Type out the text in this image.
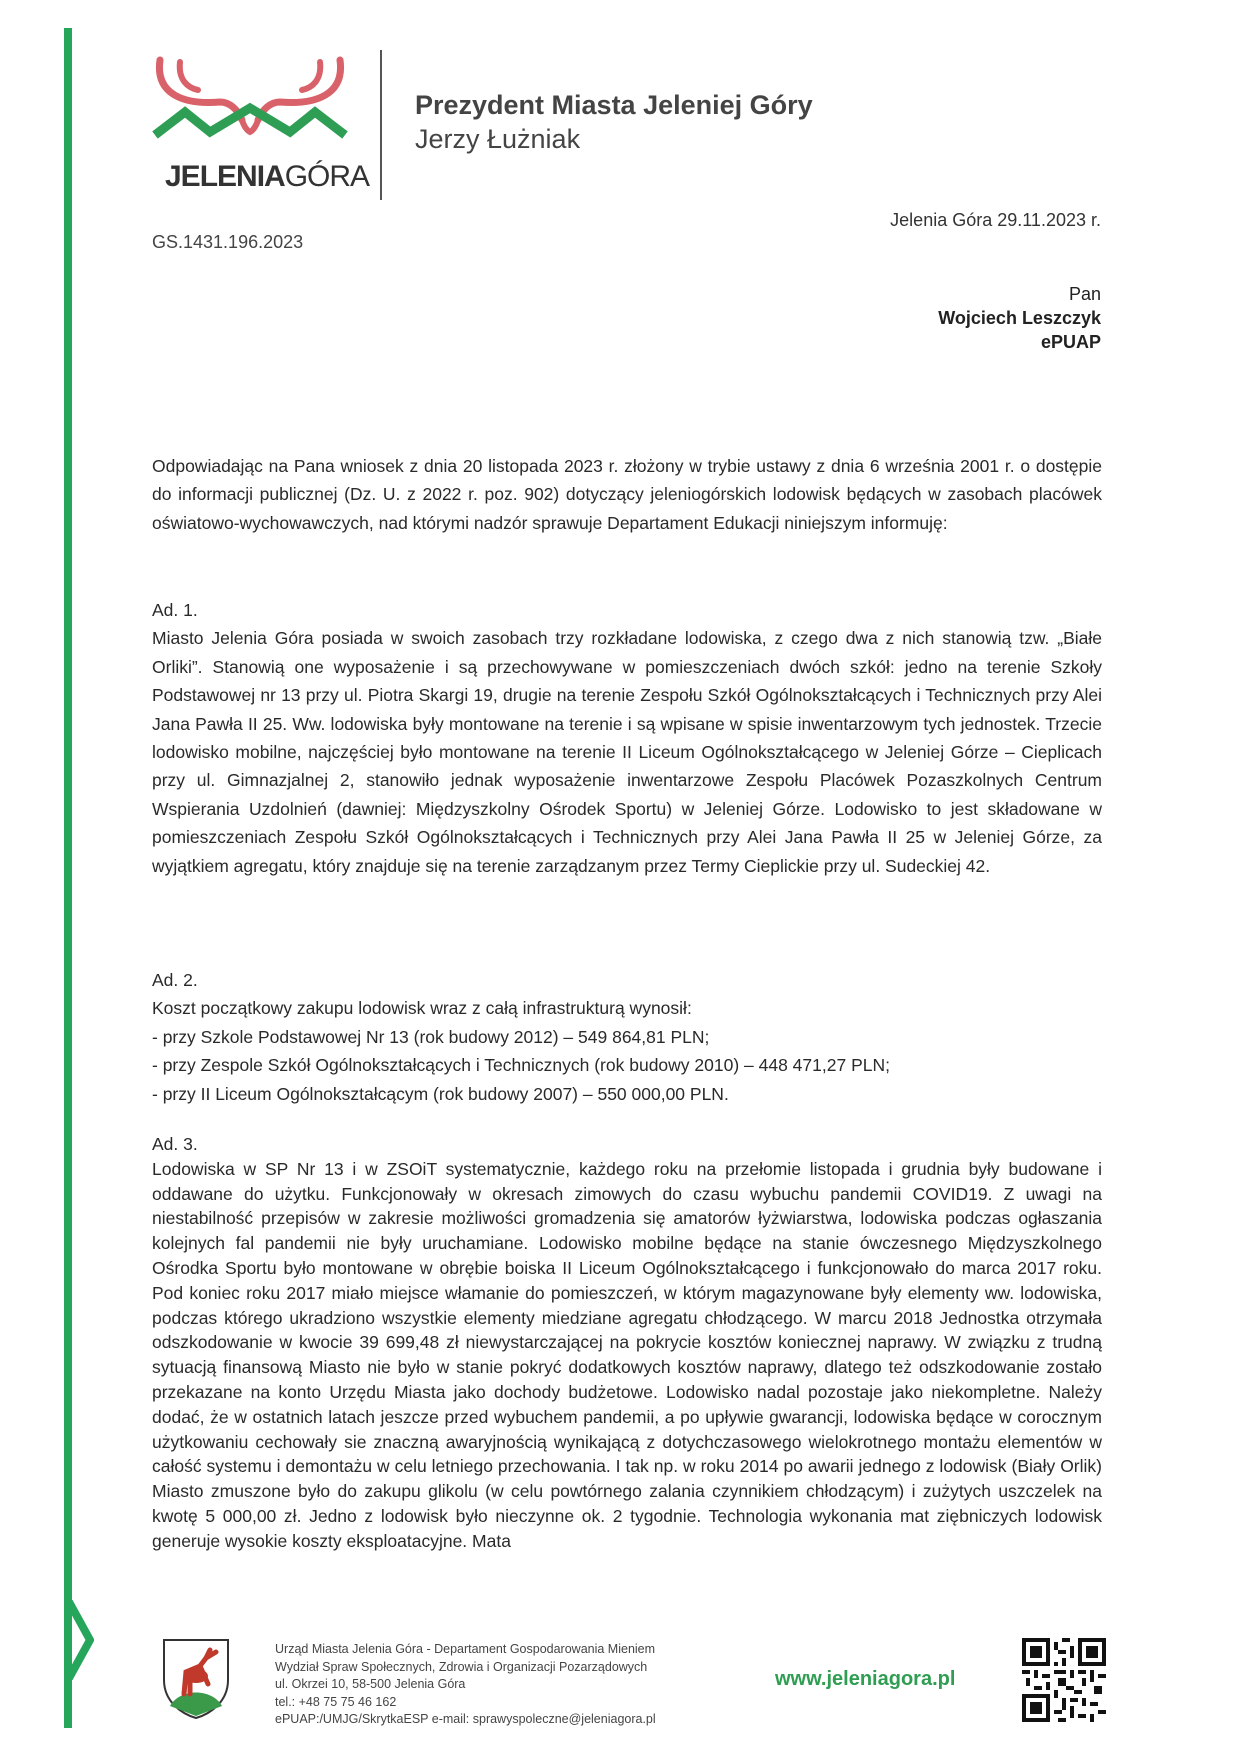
JELENIAGÓRA
Prezydent Miasta Jeleniej Góry
Jerzy Łużniak
Jelenia Góra 29.11.2023 r.
GS.1431.196.2023
Pan
Wojciech Leszczyk
ePUAP

Odpowiadając na Pana wniosek z dnia 20 listopada 2023 r. złożony w trybie ustawy z dnia 6 września 2001 r. o dostępie do informacji publicznej (Dz. U. z 2022 r. poz. 902) dotyczący jeleniogórskich lodowisk będących w zasobach placówek oświatowo-wychowawczych, nad którymi nadzór sprawuje Departament Edukacji niniejszym informuję:

Ad. 1.

Miasto Jelenia Góra posiada w swoich zasobach trzy rozkładane lodowiska, z czego dwa z nich stanowią tzw. „Białe Orliki”. Stanowią one wyposażenie i są przechowywane w pomieszczeniach dwóch szkół: jedno na terenie Szkoły Podstawowej nr 13 przy ul. Piotra Skargi 19, drugie na terenie Zespołu Szkół Ogólnokształcących i Technicznych przy Alei Jana Pawła II 25. Ww. lodowiska były montowane na terenie i są wpisane w spisie inwentarzowym tych jednostek. Trzecie lodowisko mobilne, najczęściej było montowane na terenie II Liceum Ogólnokształcącego w Jeleniej Górze – Cieplicach przy ul. Gimnazjalnej 2, stanowiło jednak wyposażenie inwentarzowe Zespołu Placówek Pozaszkolnych Centrum Wspierania Uzdolnień (dawniej: Międzyszkolny Ośrodek Sportu) w Jeleniej Górze. Lodowisko to jest składowane w pomieszczeniach Zespołu Szkół Ogólnokształcących i Technicznych przy Alei Jana Pawła II 25 w Jeleniej Górze, za wyjątkiem agregatu, który znajduje się na terenie zarządzanym przez Termy Cieplickie przy ul. Sudeckiej 42.

Ad. 2.

Koszt początkowy zakupu lodowisk wraz z całą infrastrukturą wynosił:

- przy Szkole Podstawowej Nr 13 (rok budowy 2012) – 549 864,81 PLN;

- przy Zespole Szkół Ogólnokształcących i Technicznych (rok budowy 2010) – 448 471,27 PLN;

- przy II Liceum Ogólnokształcącym (rok budowy 2007) – 550 000,00 PLN.

Ad. 3.

Lodowiska w SP Nr 13 i w ZSOiT systematycznie, każdego roku na przełomie listopada i grudnia były budowane i oddawane do użytku. Funkcjonowały w okresach zimowych do czasu wybuchu pandemii COVID19. Z uwagi na niestabilność przepisów w zakresie możliwości gromadzenia się amatorów łyżwiarstwa, lodowiska podczas ogłaszania kolejnych fal pandemii nie były uruchamiane. Lodowisko mobilne będące na stanie ówczesnego Międzyszkolnego Ośrodka Sportu było montowane w obrębie boiska II Liceum Ogólnokształcącego i funkcjonowało do marca 2017 roku. Pod koniec roku 2017 miało miejsce włamanie do pomieszczeń, w którym magazynowane były elementy ww. lodowiska, podczas którego ukradziono wszystkie elementy miedziane agregatu chłodzącego. W marcu 2018 Jednostka otrzymała odszkodowanie w kwocie 39 699,48 zł niewystarczającej na pokrycie kosztów koniecznej naprawy. W związku z trudną sytuacją finansową Miasto nie było w stanie pokryć dodatkowych kosztów naprawy, dlatego też odszkodowanie zostało przekazane na konto Urzędu Miasta jako dochody budżetowe. Lodowisko nadal pozostaje jako niekompletne. Należy dodać, że w ostatnich latach jeszcze przed wybuchem pandemii, a po upływie gwarancji, lodowiska będące w corocznym użytkowaniu cechowały sie znaczną awaryjnością wynikającą z dotychczasowego wielokrotnego montażu elementów w całość systemu i demontażu w celu letniego przechowania. I tak np. w roku 2014 po awarii jednego z lodowisk (Biały Orlik) Miasto zmuszone było do zakupu glikolu (w celu powtórnego zalania czynnikiem chłodzącym) i zużytych uszczelek na kwotę 5 000,00 zł. Jedno z lodowisk było nieczynne ok. 2 tygodnie. Technologia wykonania mat ziębniczych lodowisk generuje wysokie koszty eksploatacyjne. Mata

Urząd Miasta Jelenia Góra - Departament Gospodarowania Mieniem
Wydział Spraw Społecznych, Zdrowia i Organizacji Pozarządowych
ul. Okrzei 10, 58-500 Jelenia Góra
tel.: +48 75 75 46 162
ePUAP:/UMJG/SkrytkaESP e-mail: sprawyspoleczne@jeleniagora.pl
www.jeleniagora.pl
